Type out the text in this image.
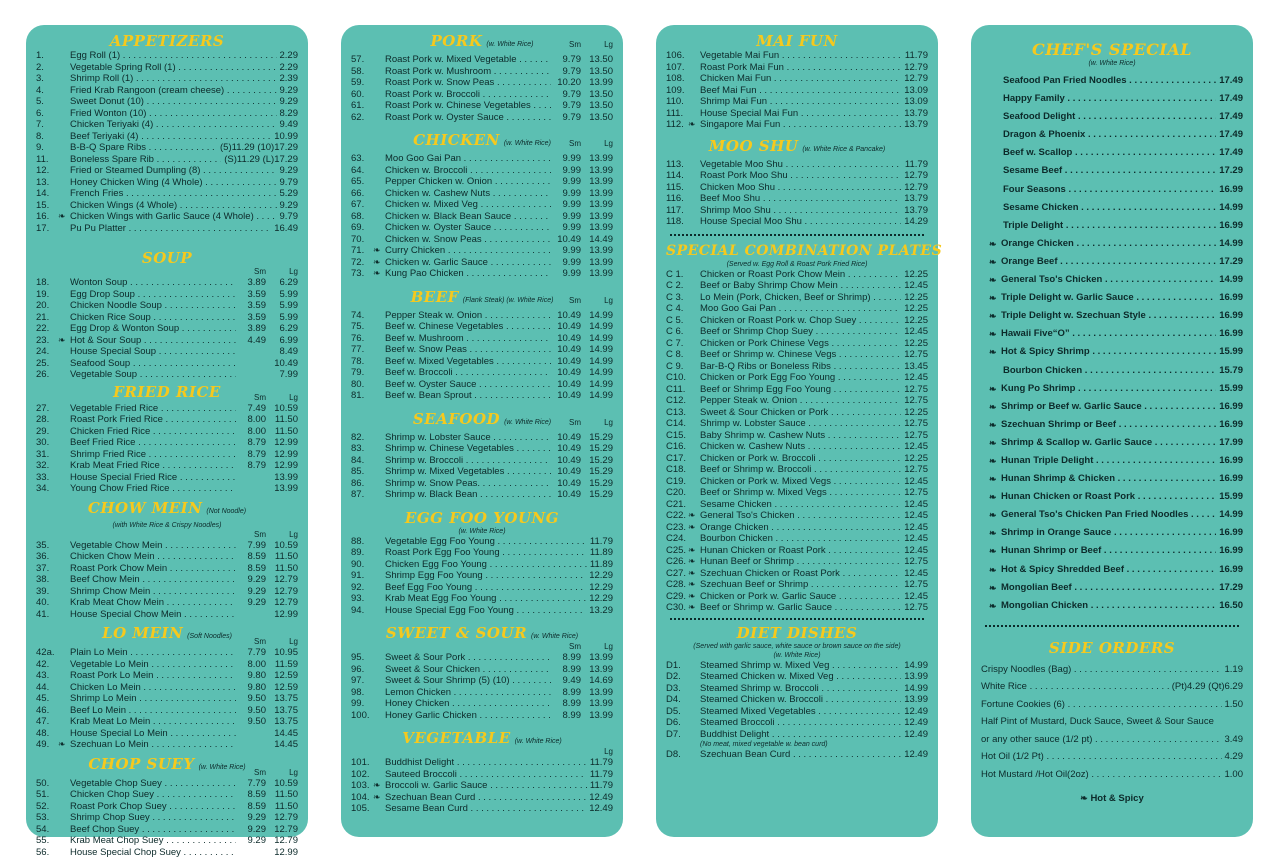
APPETIZERS
1.	Egg Roll (1) . . .	2.29
2.	Vegetable Spring Roll (1) . . .	2.29
3.	Shrimp Roll (1) . . .	2.39
4.	Fried Krab Rangoon (cream cheese) . . .	9.29
5.	Sweet Donut (10) . . .	9.29
6.	Fried Wonton (10) . . .	8.29
7.	Chicken Teriyaki (4) . . .	9.49
8.	Beef Teriyaki (4) . . .	10.99
9.	B-B-Q Spare Ribs . . .	(5)11.29 (10)17.29
11.	Boneless Spare Rib . . .	(S)11.29 (L)17.29
12.	Fried or Steamed Dumpling (8) . . .	9.29
13.	Honey Chicken Wing (4 Whole) . . .	9.79
14.	French Fries . . .	5.29
15.	Chicken Wings (4 Whole) . . .	9.29
16. ❧ Chicken Wings with Garlic Sauce (4 Whole) . . .	9.79
17.	Pu Pu Platter . . .	16.49
SOUP
Sm	Lg
18.	Wonton Soup . . .	3.89	6.29
19.	Egg Drop Soup . . .	3.59	5.99
20.	Chicken Noodle Soup . . .	3.59	5.99
21.	Chicken Rice Soup . . .	3.59	5.99
22.	Egg Drop & Wonton Soup . . .	3.89	6.29
23. ❧ Hot & Sour Soup . . .	4.49	6.99
24.	House Special Soup . . .	8.49
25.	Seafood Soup . . .	10.49
26.	Vegetable Soup . . .	7.99
FRIED RICE	Sm	Lg
27.	Vegetable Fried Rice . . .	7.49 10.59
28.	Roast Pork Fried Rice . . .	8.00 11.50
29.	Chicken Fried Rice . . .	8.00 11.50
30.	Beef Fried Rice . . .	8.79 12.99
31.	Shrimp Fried Rice . . .	8.79 12.99
32.	Krab Meat Fried Rice . . .	8.79 12.99
33.	House Special Fried Rice . . .	13.99
34.	Young Chow Fried Rice . . .	13.99
CHOW MEIN (Not Noodle)
(with White Rice & Crispy Noodles)
Sm	Lg
35.	Vegetable Chow Mein . . .	7.99 10.59
36.	Chicken Chow Mein . . .	8.59 11.50
37.	Roast Pork Chow Mein . . .	8.59 11.50
38.	Beef Chow Mein . . .	9.29 12.79
39.	Shrimp Chow Mein . . .	9.29 12.79
40.	Krab Meat Chow Mein . . .	9.29 12.79
41.	House Special Chow Mein . . .	12.99
LO MEIN (Soft Noodles)
Sm	Lg
42a.	Plain Lo Mein . . .	7.79 10.95
42.	Vegetable Lo Mein . . .	8.00 11.59
43.	Roast Pork Lo Mein . . .	9.80 12.59
44.	Chicken Lo Mein . . .	9.80 12.59
45.	Shrimp Lo Mein . . .	9.50 13.75
46.	Beef Lo Mein . . .	9.50 13.75
47.	Krab Meat Lo Mein . . .	9.50 13.75
48.	House Special Lo Mein . . .	14.45
49. ❧ Szechuan Lo Mein . . .	14.45
CHOP SUEY (w. White Rice)
Sm	Lg
50.	Vegetable Chop Suey . . .	7.79 10.59
51.	Chicken Chop Suey . . .	8.59 11.50
52.	Roast Pork Chop Suey . . .	8.59 11.50
53.	Shrimp Chop Suey . . .	9.29 12.79
54.	Beef Chop Suey . . .	9.29 12.79
55.	Krab Meat Chop Suey . . .	9.29 12.79
56.	House Special Chop Suey . . .	12.99
PORK (w. White Rice)	Sm	Lg
57.	Roast Pork w. Mixed Vegetable . . .	9.79 13.50
58.	Roast Pork w. Mushroom . . .	9.79 13.50
59.	Roast Pork w. Snow Peas . . .	10.20 13.99
60.	Roast Pork w. Broccoli . . .	9.79 13.50
61.	Roast Pork w. Chinese Vegetables . . .	9.79 13.50
62.	Roast Pork w. Oyster Sauce . . .	9.79 13.50
CHICKEN (w. White Rice)	Sm	Lg
63.	Moo Goo Gai Pan . . .	9.99 13.99
64.	Chicken w. Broccoli . . .	9.99 13.99
65.	Pepper Chicken w. Onion . . .	9.99 13.99
66.	Chicken w. Cashew Nuts . . .	9.99 13.99
67.	Chicken w. Mixed Veg . . .	9.99 13.99
68.	Chicken w. Black Bean Sauce . . .	9.99 13.99
69.	Chicken w. Oyster Sauce . . .	9.99 13.99
70.	Chicken w. Snow Peas . . .	10.49 14.49
71. ❧ Curry Chicken . . .	9.99 13.99
72. ❧ Chicken w. Garlic Sauce . . .	9.99 13.99
73. ❧ Kung Pao Chicken . . .	9.99 13.99
BEEF (Flank Steak) (w. White Rice)	Sm	Lg
74.	Pepper Steak w. Onion . . .	10.49 14.99
75.	Beef w. Chinese Vegetables . . .	10.49 14.99
76.	Beef w. Mushroom . . .	10.49 14.99
77.	Beef w. Snow Peas . . .	10.49 14.99
78.	Beef w. Mixed Vegetables . . .	10.49 14.99
79.	Beef w. Broccoli . . .	10.49 14.99
80.	Beef w. Oyster Sauce . . .	10.49 14.99
81.	Beef w. Bean Sprout . . .	10.49 14.99
SEAFOOD (w. White Rice)	Sm	Lg
82.	Shrimp w. Lobster Sauce . . .	10.49 15.29
83.	Shrimp w. Chinese Vegetables . . .	10.49 15.29
84.	Shrimp w. Broccoli . . .	10.49 15.29
85.	Shrimp w. Mixed Vegetables . . .	10.49 15.29
86.	Shrimp w. Snow Peas. . . .	10.49 15.29
87.	Shrimp w. Black Bean . . .	10.49 15.29
EGG FOO YOUNG
(w. White Rice)
88.	Vegetable Egg Foo Young . . .	11.79
89.	Roast Pork Egg Foo Young . . .	11.89
90.	Chicken Egg Foo Young . . .	11.89
91.	Shrimp Egg Foo Young . . .	12.29
92.	Beef Egg Foo Young . . .	12.29
93.	Krab Meat Egg Foo Young . . .	12.29
94.	House Special Egg Foo Young . . .	13.29
SWEET & SOUR (w. White Rice)
Sm	Lg
95.	Sweet & Sour Pork . . .	8.99 13.99
96.	Sweet & Sour Chicken . . .	8.99 13.99
97.	Sweet & Sour Shrimp (5) (10) . . .	9.49 14.69
98.	Lemon Chicken . . .	8.99 13.99
99.	Honey Chicken . . .	8.99 13.99
100.	Honey Garlic Chicken . . .	8.99 13.99
VEGETABLE (w. White Rice)
Lg
101.	Buddhist Delight . . .	11.79
102.	Sauteed Broccoli . . .	11.79
103. ❧ Broccoli w. Garlic Sauce . . .	11.79
104. ❧ Szechuan Bean Curd . . .	12.49
105.	Sesame Bean Curd . . .	12.49
MAI FUN
106.	Vegetable Mai Fun . . .	11.79
107.	Roast Pork Mai Fun . . .	12.79
108.	Chicken Mai Fun . . .	12.79
109.	Beef Mai Fun . . .	13.09
110.	Shrimp Mai Fun . . .	13.09
111.	House Special Mai Fun . . .	13.79
112. ❧ Singapore Mai Fun . . .	13.79
MOO SHU (w. White Rice & Pancake)
113.	Vegetable Moo Shu . . .	11.79
114.	Roast Pork Moo Shu . . .	12.79
115.	Chicken Moo Shu . . .	12.79
116.	Beef Moo Shu . . .	13.79
117.	Shrimp Moo Shu . . .	13.79
118.	House Special Moo Shu . . .	14.29
SPECIAL COMBINATION PLATES
(Served w. Egg Roll & Roast Pork Fried Rice)
C 1.	Chicken or Roast Pork Chow Mein . . .	12.25
C 2.	Beef or Baby Shrimp Chow Mein . . .	12.45
C 3.	Lo Mein (Pork, Chicken, Beef or Shrimp) . . .	12.25
C 4.	Moo Goo Gai Pan . . .	12.25
C 5.	Chicken or Roast Pork w. Chop Suey . . .	12.25
C 6.	Beef or Shrimp Chop Suey . . .	12.45
C 7.	Chicken or Pork Chinese Vegs . . .	12.25
C 8.	Beef or Shrimp w. Chinese Vegs . . .	12.75
C 9.	Bar-B-Q Ribs or Boneless Ribs . . .	13.45
C10.	Chicken or Pork Egg Foo Young . . .	12.45
C11.	Beef or Shrimp Egg Foo Young . . .	12.75
C12.	Pepper Steak w. Onion . . .	12.75
C13.	Sweet & Sour Chicken or Pork . . .	12.25
C14.	Shrimp w. Lobster Sauce . . .	12.75
C15.	Baby Shrimp w. Cashew Nuts . . .	12.75
C16.	Chicken w. Cashew Nuts . . .	12.45
C17.	Chicken or Pork w. Broccoli . . .	12.25
C18.	Beef or Shrimp w. Broccoli . . .	12.75
C19.	Chicken or Pork w. Mixed Vegs . . .	12.45
C20.	Beef or Shrimp w. Mixed Vegs . . .	12.75
C21.	Sesame Chicken . . .	12.45
C22. ❧ General Tso's Chicken . . .	12.45
C23. ❧ Orange Chicken . . .	12.45
C24.	Bourbon Chicken . . .	12.45
C25. ❧ Hunan Chicken or Roast Pork . . .	12.45
C26. ❧ Hunan Beef or Shrimp . . .	12.75
C27. ❧ Szechuan Chicken or Roast Pork . . .	12.45
C28. ❧ Szechuan Beef or Shrimp . . .	12.75
C29. ❧ Chicken or Pork w. Garlic Sauce . . .	12.45
C30. ❧ Beef or Shrimp w. Garlic Sauce . . .	12.75
DIET DISHES
(Served with garlic sauce, white sauce or brown sauce on the side)
(w. White Rice)
D1.	Steamed Shrimp w. Mixed Veg . . .	14.99
D2.	Steamed Chicken w. Mixed Veg . . .	13.99
D3.	Steamed Shrimp w. Broccoli . . .	14.99
D4.	Steamed Chicken w. Broccoli . . .	13.99
D5.	Steamed Mixed Vegetables . . .	12.49
D6.	Steamed Broccoli . . .	12.49
D7.	Buddhist Delight . . .	12.49
(No meat, mixed vegetable w. bean curd)
D8.	Szechuan Bean Curd . . .	12.49
CHEF'S SPECIAL
(w. White Rice)
Seafood Pan Fried Noodles . . .	17.49
Happy Family . . .	17.49
Seafood Delight . . .	17.49
Dragon & Phoenix . . .	17.49
Beef w. Scallop . . .	17.49
Sesame Beef . . .	17.29
Four Seasons . . .	16.99
Sesame Chicken . . .	14.99
Triple Delight . . .	16.99
❧ Orange Chicken . . .	14.99
❧ Orange Beef . . .	17.29
❧ General Tso's Chicken . . .	14.99
❧ Triple Delight w. Garlic Sauce . . .	16.99
❧ Triple Delight w. Szechuan Style . . .	16.99
❧ Hawaii Five“O” . . .	16.99
❧ Hot & Spicy Shrimp . . .	15.99
Bourbon Chicken . . .	15.79
❧ Kung Po Shrimp . . .	15.99
❧ Shrimp or Beef w. Garlic Sauce . . .	16.99
❧ Szechuan Shrimp or Beef . . .	16.99
❧ Shrimp & Scallop w. Garlic Sauce . . .	17.99
❧ Hunan Triple Delight . . .	16.99
❧ Hunan Shrimp & Chicken . . .	16.99
❧ Hunan Chicken or Roast Pork . . .	15.99
❧ General Tso's Chicken Pan Fried Noodles . . .	14.99
❧ Shrimp in Orange Sauce . . .	16.99
❧ Hunan Shrimp or Beef . . .	16.99
❧ Hot & Spicy Shredded Beef . . .	16.99
❧ Mongolian Beef . . .	17.29
❧ Mongolian Chicken . . .	16.50
SIDE ORDERS
Crispy Noodles (Bag) . . .	1.19
White Rice . . .	(Pt)4.29 (Qt)6.29
Fortune Cookies (6) . . .	1.50
Half Pint of Mustard, Duck Sauce, Sweet & Sour Sauce
or any other sauce (1/2 pt) . . .	3.49
Hot Oil (1/2 Pt) . . .	4.29
Hot Mustard /Hot Oil(2oz) . . .	1.00
❧ Hot & Spicy
